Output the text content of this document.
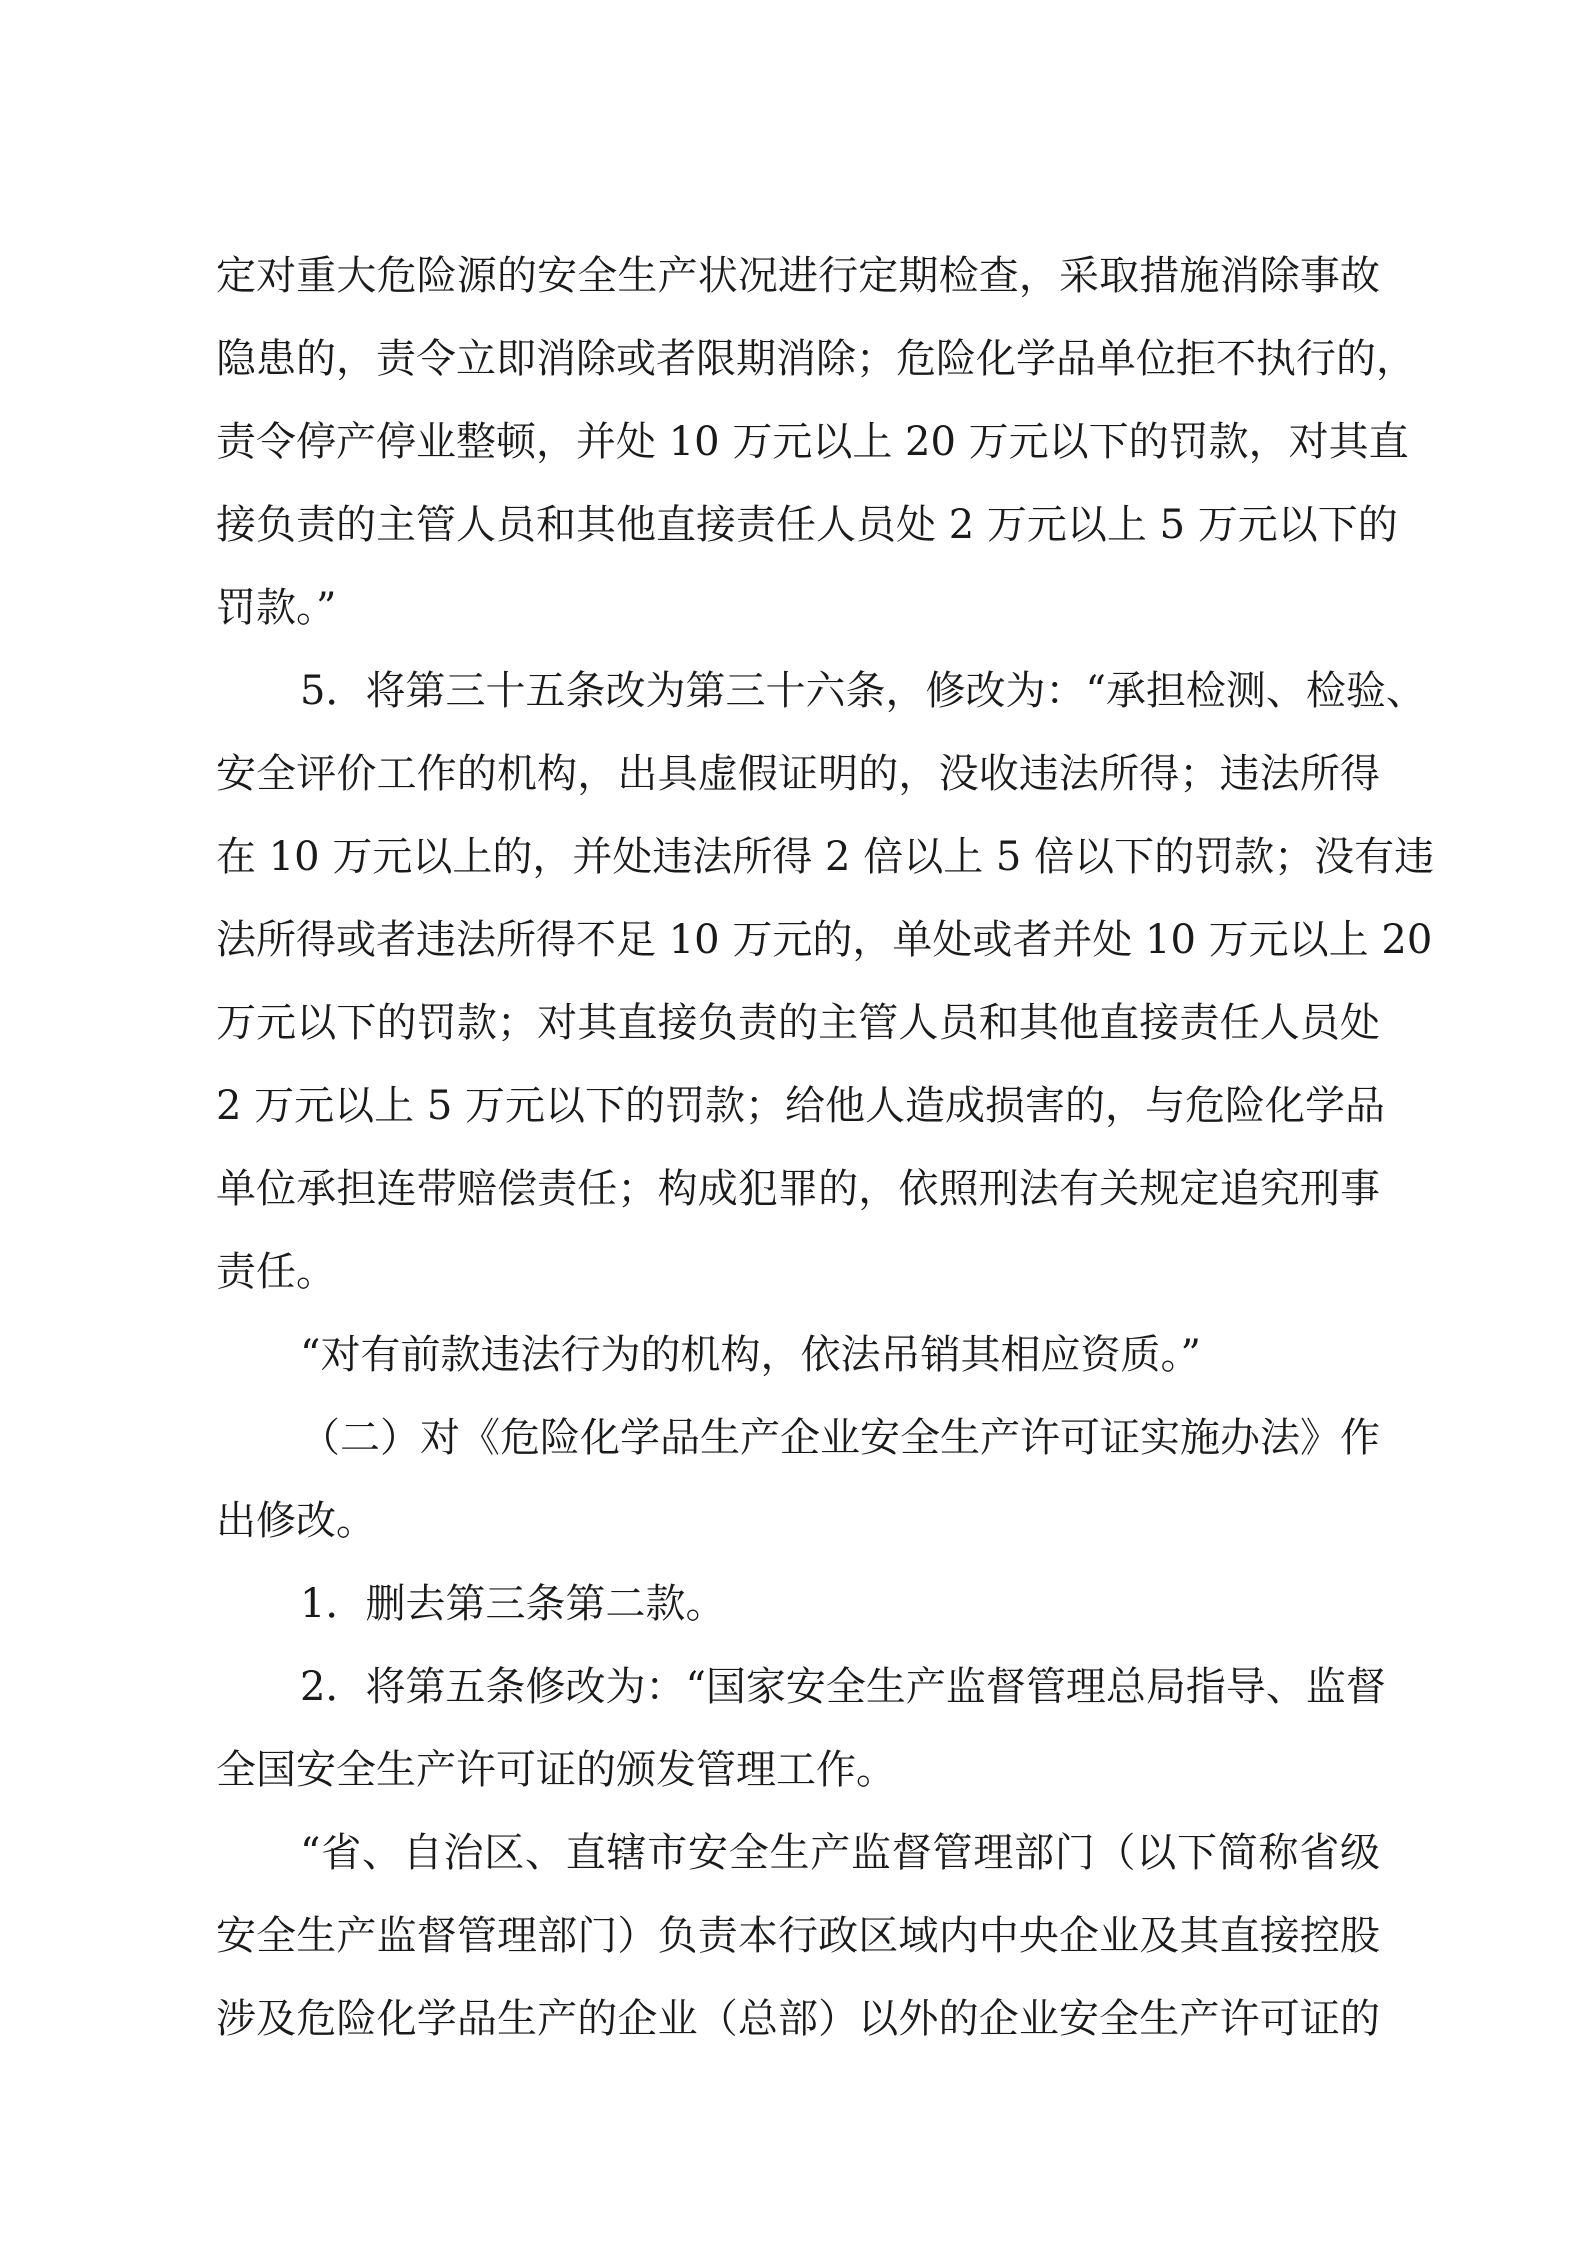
定对重大危险源的安全生产状况进行定期检查，采取措施消除事故
隐患的，责令立即消除或者限期消除；危险化学品单位拒不执行的，
责令停产停业整顿，并处 10 万元以上 20 万元以下的罚款，对其直
接负责的主管人员和其他直接责任人员处 2 万元以上 5 万元以下的
罚款。”
5．将第三十五条改为第三十六条，修改为：“承担检测、检验、
安全评价工作的机构，出具虚假证明的，没收违法所得；违法所得
在 10 万元以上的，并处违法所得 2 倍以上 5 倍以下的罚款；没有违
法所得或者违法所得不足 10 万元的，单处或者并处 10 万元以上 20
万元以下的罚款；对其直接负责的主管人员和其他直接责任人员处
2 万元以上 5 万元以下的罚款；给他人造成损害的，与危险化学品
单位承担连带赔偿责任；构成犯罪的，依照刑法有关规定追究刑事
责任。
“对有前款违法行为的机构，依法吊销其相应资质。”
（二）对《危险化学品生产企业安全生产许可证实施办法》作
出修改。
1．删去第三条第二款。
2．将第五条修改为：“国家安全生产监督管理总局指导、监督
全国安全生产许可证的颁发管理工作。
“省、自治区、直辖市安全生产监督管理部门（以下简称省级
安全生产监督管理部门）负责本行政区域内中央企业及其直接控股
涉及危险化学品生产的企业（总部）以外的企业安全生产许可证的
